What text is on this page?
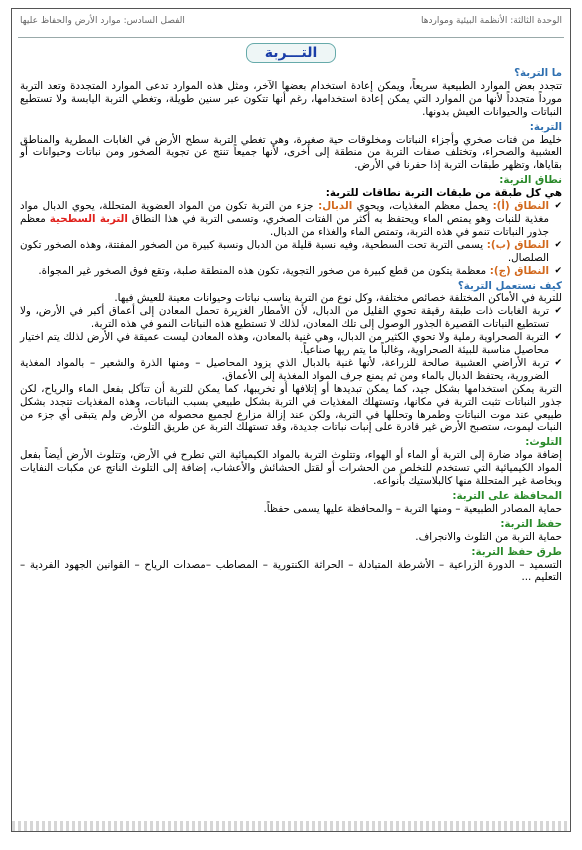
الوحدة الثالثة: الأنظمة البيئية ومواردها
الفصل السادس: موارد الأرض والحفاظ عليها
التـــربة
ما التربة؟

تتجدد بعض الموارد الطبيعية سريعاً، ويمكن إعادة استخدام بعضها الآخر، ومثل هذه الموارد تدعى الموارد المتجددة وتعد التربة مورداً متجدداً لأنها من الموارد التي يمكن إعادة استخدامها، رغم أنها تتكون عبر سنين طويلة، وتغطي التربة اليابسة ولا تستطيع النباتات والحيوانات العيش بدونها.

التربة:

خليط من فتات صخري وأجزاء النباتات ومخلوقات حية صغيرة، وهي تغطي التربة سطح الأرض في الغابات المطرية والمناطق العشبية والصحراء، وتختلف صفات التربة من منطقة إلى أخرى، لأنها جميعاً تنتج عن تجوية الصخور ومن نباتات وحيوانات أو بقاياها، وتظهر طبقات التربة إذا حفرنا في الأرض.

نطاق التربة:

هي كل طبقة من طبقات التربة نطاقات للتربة:

✔ النطاق (أ): يحمل معظم المغذيات، ويحوي الدبال: جزء من التربة تكون من المواد العضوية المتحللة، يحوي الدبال مواد مغذية للنبات وهو يمتص الماء ويحتفظ به أكثر من الفتات الصخري، وتسمى التربة في هذا النطاق التربة السطحية معظم جذور النباتات تنمو في هذه التربة، وتمتص الماء والغذاء من الدبال.
✔ النطاق (ب): يسمى التربة تحت السطحية، وفيه نسبة قليلة من الدبال ونسبة كبيرة من الصخور المفتتة، وهذه الصخور تكون الصلصال.
✔ النطاق (ج): معظمة يتكون من قطع كبيرة من صخور التجوية، تكون هذه المنطقة صلبة، وتقع فوق الصخور غير المجواة.
كيف نستعمل التربة؟

للتربة في الأماكن المختلفة خصائص مختلفة، وكل نوع من التربة يناسب نباتات وحيوانات معينة للعيش فيها.

✔ تربة الغابات ذات طبقة رقيقة تحوي القليل من الدبال، لأن الأمطار الغزيرة تحمل المعادن إلى أعماق أكبر في الأرض، ولا تستطيع النباتات القصيرة الجذور الوصول إلى تلك المعادن، لذلك لا تستطيع هذه النباتات النمو في هذه التربة.
✔ التربة الصحراوية رملية ولا تحوي الكثير من الدبال، وهي غنية بالمعادن، وهذه المعادن ليست عميقة في الأرض لذلك يتم اختيار محاصيل مناسبة للبيئة الصحراوية، وغالباً ما يتم ريها صناعياً.
✔ تربة الأراضي العشبية صالحة للزراعة، لأنها غنية بالدبال الذي يزود المحاصيل – ومنها الذرة والشعير – بالمواد المغذية الضرورية، يحتفظ الدبال بالماء ومن ثم يمنع جرف المواد المغذية إلى الأعماق.

التربة يمكن استخدامها بشكل جيد، كما يمكن تبديدها أو إتلافها أو تخريبها، كما يمكن للتربة أن تتآكل بفعل الماء والرياح، لكن جذور النباتات تثبت التربة في مكانها، وتستهلك المغذيات في التربة بشكل طبيعي بسبب النباتات، وهذه المغذيات تتجدد بشكل طبيعي عند موت النباتات وطمرها وتحللها في التربة، ولكن عند إزالة مزارع لجميع محصوله من الأرض ولم يتبقى أي جزء من النبات ليموت، ستصبح الأرض غير قادرة على إنبات نباتات جديدة، وقد تستهلك التربة عن طريق التلوث.

التلوث:

إضافة مواد ضارة إلى التربة أو الماء أو الهواء، وتتلوث التربة بالمواد الكيميائية التي تطرح في الأرض، وتتلوث الأرض أيضاً بفعل المواد الكيميائية التي تستخدم للتخلص من الحشرات أو لقتل الحشائش والأعشاب، إضافة إلى التلوث الناتج عن مكبات النفايات وبخاصة غير المتحللة منها كالبلاستيك بأنواعه.

المحافظة على التربة:

حماية المصادر الطبيعية – ومنها التربة – والمحافظة عليها يسمى حفظاً.

حفظ التربة:

حماية التربة من التلوث والانجراف.

طرق حفظ التربة:

التسميد – الدورة الزراعية – الأشرطة المتبادلة – الحراثة الكنتورية – المصاطب –مصدات الرياح – القوانين الجهود الفردية – التعليم ...
